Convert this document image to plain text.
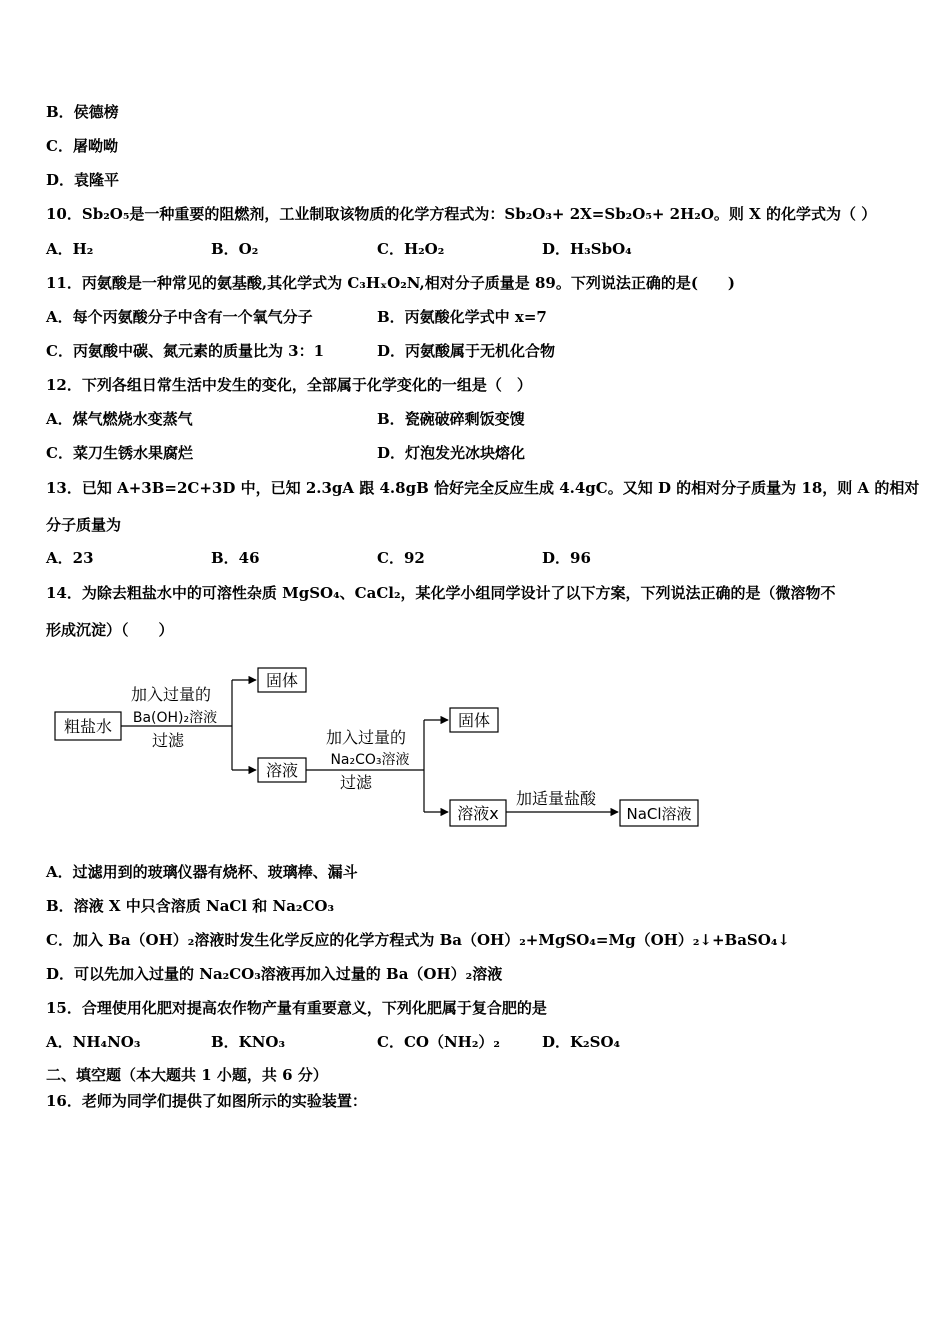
B．侯德榜
C．屠呦呦
D．袁隆平
10．Sb₂O₅是一种重要的阻燃剂，工业制取该物质的化学方程式为：Sb₂O₃+ 2X=Sb₂O₅+ 2H₂O。则 X 的化学式为（ ）
A．H₂	B．O₂	C．H₂O₂	D．H₃SbO₄
11．丙氨酸是一种常见的氨基酸,其化学式为 C₃HₓO₂N,相对分子质量是 89。下列说法正确的是(　　)
A．每个丙氨酸分子中含有一个氧气分子	B．丙氨酸化学式中 x=7
C．丙氨酸中碳、氮元素的质量比为 3：1	D．丙氨酸属于无机化合物
12．下列各组日常生活中发生的变化，全部属于化学变化的一组是（　）
A．煤气燃烧水变蒸气	B．瓷碗破碎剩饭变馊
C．菜刀生锈水果腐烂	D．灯泡发光冰块熔化
13．已知 A+3B=2C+3D 中，已知 2.3gA 跟 4.8gB 恰好完全反应生成 4.4gC。又知 D 的相对分子质量为 18，则 A 的相对
分子质量为
A．23	B．46	C．92	D．96
14．为除去粗盐水中的可溶性杂质 MgSO₄、CaCl₂，某化学小组同学设计了以下方案，下列说法正确的是（微溶物不
形成沉淀）（　　）
粗盐水
加入过量的
Ba(OH)₂溶液
过滤
固体
溶液
加入过量的
Na₂CO₃溶液
过滤
固体
溶液x
加适量盐酸
NaCl溶液
A．过滤用到的玻璃仪器有烧杯、玻璃棒、漏斗
B．溶液 X 中只含溶质 NaCl 和 Na₂CO₃
C．加入 Ba（OH）₂溶液时发生化学反应的化学方程式为 Ba（OH）₂+MgSO₄=Mg（OH）₂↓+BaSO₄↓
D．可以先加入过量的 Na₂CO₃溶液再加入过量的 Ba（OH）₂溶液
15．合理使用化肥对提高农作物产量有重要意义，下列化肥属于复合肥的是
A．NH₄NO₃	B．KNO₃	C．CO（NH₂）₂	D．K₂SO₄
二、填空题（本大题共 1 小题，共 6 分）
16．老师为同学们提供了如图所示的实验装置：
